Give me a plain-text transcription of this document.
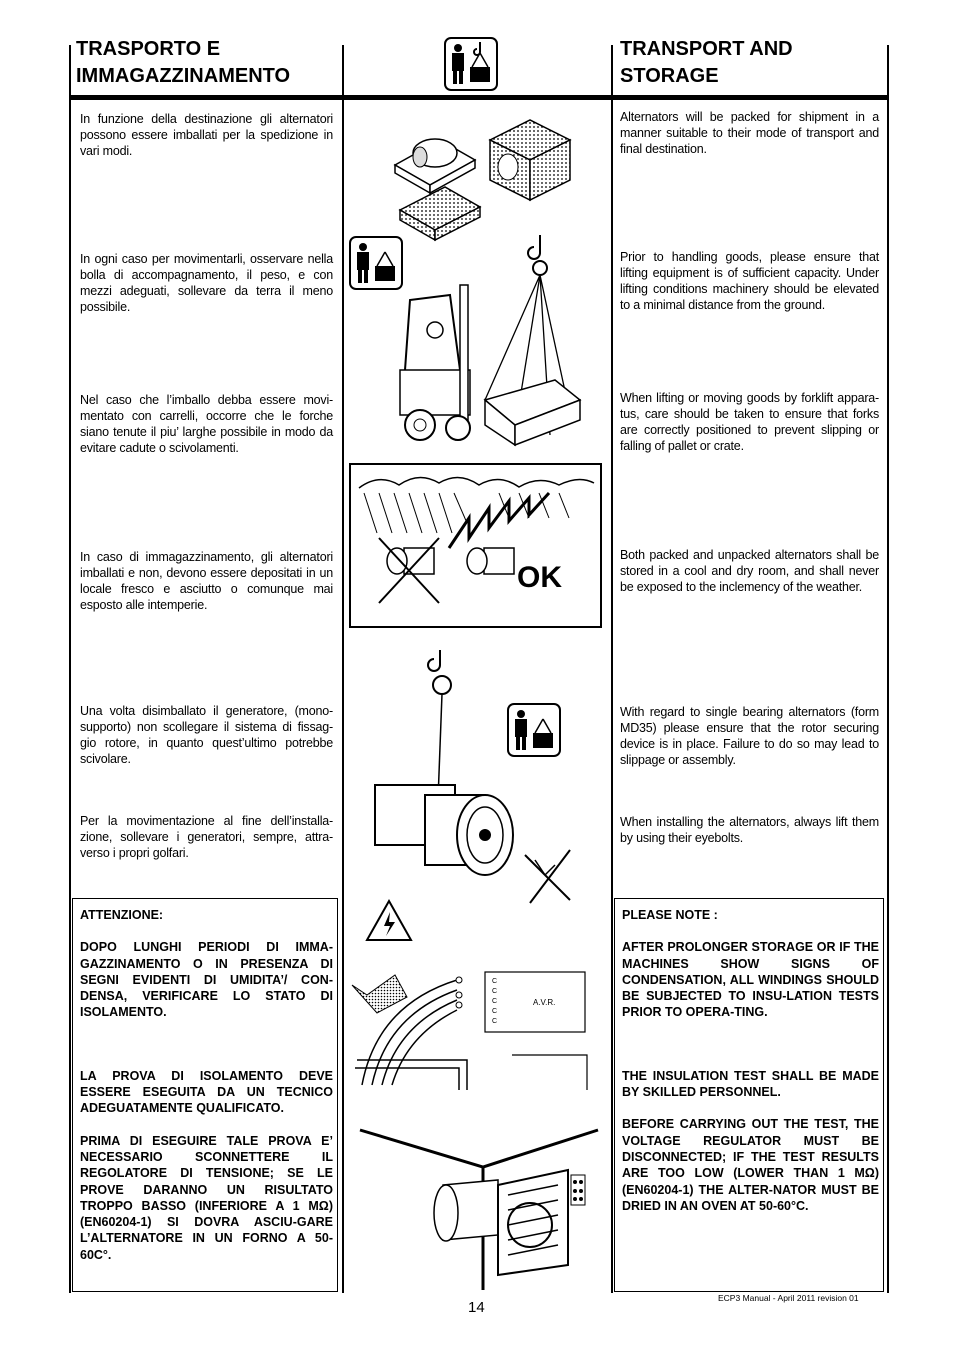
TRASPORTO E
IMMAGAZZINAMENTO
TRANSPORT AND
STORAGE
In funzione della destinazione gli alternatori possono essere imballati per la spedizione in vari modi.
In ogni caso per movimentarli, osservare nella bolla di accompagnamento, il peso, e con mezzi adeguati, sollevare da terra il meno possibile.
Nel caso che l’imballo debba essere movi-mentato con carrelli, occorre che le forche siano tenute il piu’ larghe possibile in modo da evitare cadute o scivolamenti.
In caso di immagazzinamento, gli alternatori imballati e non, devono essere depositati in un locale fresco e asciutto o comunque mai esposto alle intemperie.
Una volta disimballato il generatore, (mono-supporto) non scollegare il sistema di fissag-gio rotore, in quanto quest’ultimo potrebbe scivolare.
Per la movimentazione al fine dell’installa-zione, sollevare i generatori, sempre, attra-verso i propri golfari.
Alternators will be packed for shipment in a manner suitable to their mode of transport and final destination.
Prior to handling goods, please ensure that lifting equipment is of sufficient capacity. Under lifting conditions machinery should be elevated to a minimal distance from the ground.
When lifting or moving goods by forklift appara-tus, care should be taken to ensure that forks are correctly positioned to prevent slipping or falling of pallet or crate.
Both packed and unpacked alternators shall be stored in a cool and dry room, and shall never be exposed to the inclemency of the weather.
With regard to single bearing alternators (form MD35) please ensure that the rotor securing device is in place. Failure to do so may lead to slippage or assembly.
When installing the alternators, always lift them by using their eyebolts.

ATTENZIONE:

DOPO LUNGHI PERIODI DI IMMA-GAZZINAMENTO O IN PRESENZA DI SEGNI EVIDENTI DI UMIDITA’/ CON-DENSA, VERIFICARE LO STATO DI ISOLAMENTO.

LA PROVA DI ISOLAMENTO DEVE ESSERE ESEGUITA DA UN TECNICO ADEGUATAMENTE QUALIFICATO.

PRIMA DI ESEGUIRE TALE PROVA E’ NECESSARIO SCONNETTERE IL REGOLATORE DI TENSIONE; SE LE PROVE DARANNO UN RISULTATO TROPPO BASSO (INFERIORE A 1 MΩ)(EN60204-1) SI DOVRA ASCIU-GARE L’ALTERNATORE IN UN FORNO A 50-60C°.

PLEASE NOTE :

AFTER PROLONGER STORAGE OR IF THE MACHINES SHOW SIGNS OF CONDENSATION, ALL WINDINGS SHOULD BE SUBJECTED TO INSU-LATION TESTS PRIOR TO OPERA-TING.

THE INSULATION TEST SHALL BE MADE BY SKILLED PERSONNEL.

BEFORE CARRYING OUT THE TEST, THE VOLTAGE REGULATOR MUST BE DISCONNECTED; IF THE TEST RESULTS ARE TOO LOW (LOWER THAN 1 MΩ)(EN60204-1) THE ALTER-NATOR MUST BE DRIED IN AN OVEN AT 50-60°C.

OK
A.V.R.
C
C
C
C
C
14
ECP3 Manual - April 2011 revision 01
